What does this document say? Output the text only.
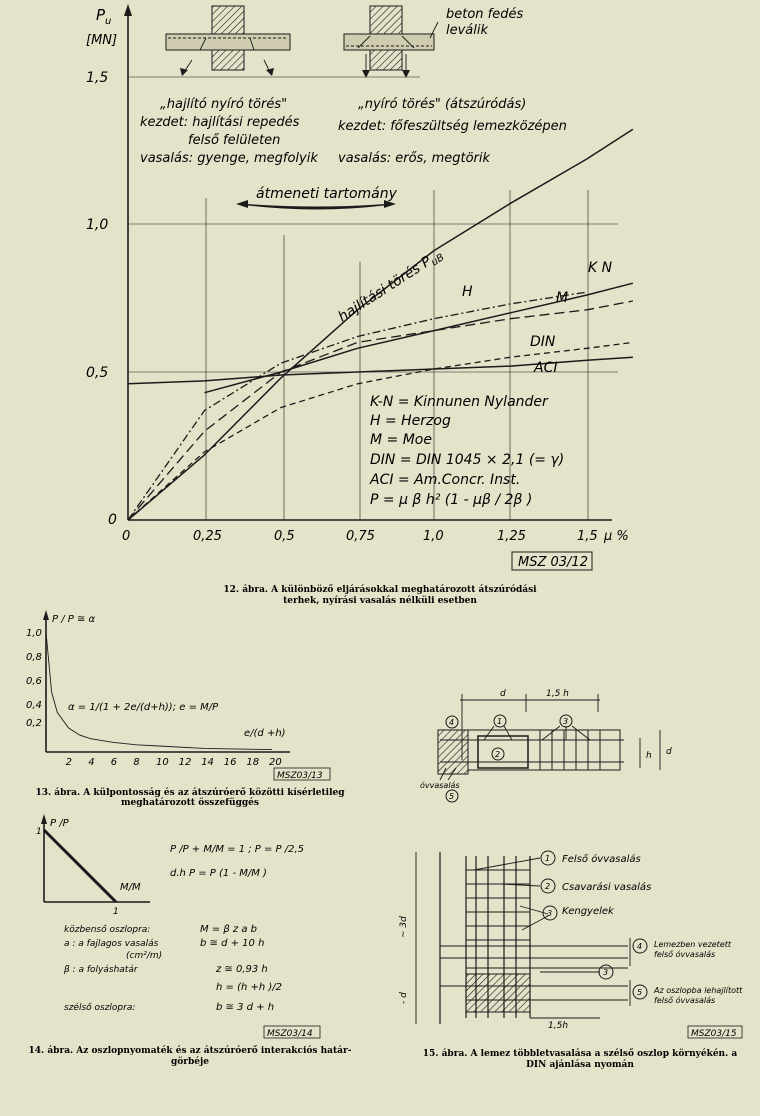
$P_u$
[MN]
1,5
1,0
0,5
0
0	0,25	0,5	0,75	1,0	1,25	1,5 μ %
„hajlító nyíró törés"
kezdet: hajlítási repedés
felső felületen
vasalás: gyenge, megfolyik
beton fedés
leválik
„nyíró törés" (átszúródás)
kezdet: főfeszültség lemezközépen
vasalás: erős, megtörik
átmeneti tartomány
hajlítási törés $P_{uB}$	K N
H	M
DIN
ACI
K-N = Kinnunen Nylander
H = Herzog
M = Moe
DIN = DIN 1045 × 2,1 (= γ)
ACI = Am.Concr. Inst.
P = μ β h² (1 - μβ / 2β )
MSZ 03/12
12. ábra. A különböző eljárásokkal meghatározott átszúródási
terhek, nyírási vasalás nélküli esetben
P / P ≅ α
1,0
0,8
0,6
0,4
0,2
2 4 6 8 10 12 14 16 18 20
α = 1/(1 + 2e/(d+h)); e = M/P
e/(d +h)
MSZ03/13
13. ábra. A külpontosság és az átszúróerő közötti kísérletileg
meghatározott összefüggés
P /P
M/M
1
1
P /P + M/M = 1 ; P = P /2,5
d.h P = P (1 - M/M )
közbenső oszlopra:	M = β z a b
a : a fajlagos vasalás
(cm²/m)
b ≅ d + 10 h
β : a folyáshatár	z ≅ 0,93 h
h = (h +h )/2
szélső oszlopra:	b ≅ 3 d + h
MSZ03/14
14. ábra. Az oszlopnyomaték és az átszúróerő interakciós határ-
görbéje
d	1,5 h
h d
4	1
2
3
5
óvvasalás
~ 3d
- d
1
2
3
3
4
5
Felső óvvasalás
Csavarási vasalás
Kengyelek
Lemezben vezetett
felső óvvasalás
Az oszlopba lehajlított
felső óvvasalás
1,5h
MSZ03/15
15. ábra. A lemez többletvasalása a szélső oszlop környékén. a
DIN ajánlása nyomán
